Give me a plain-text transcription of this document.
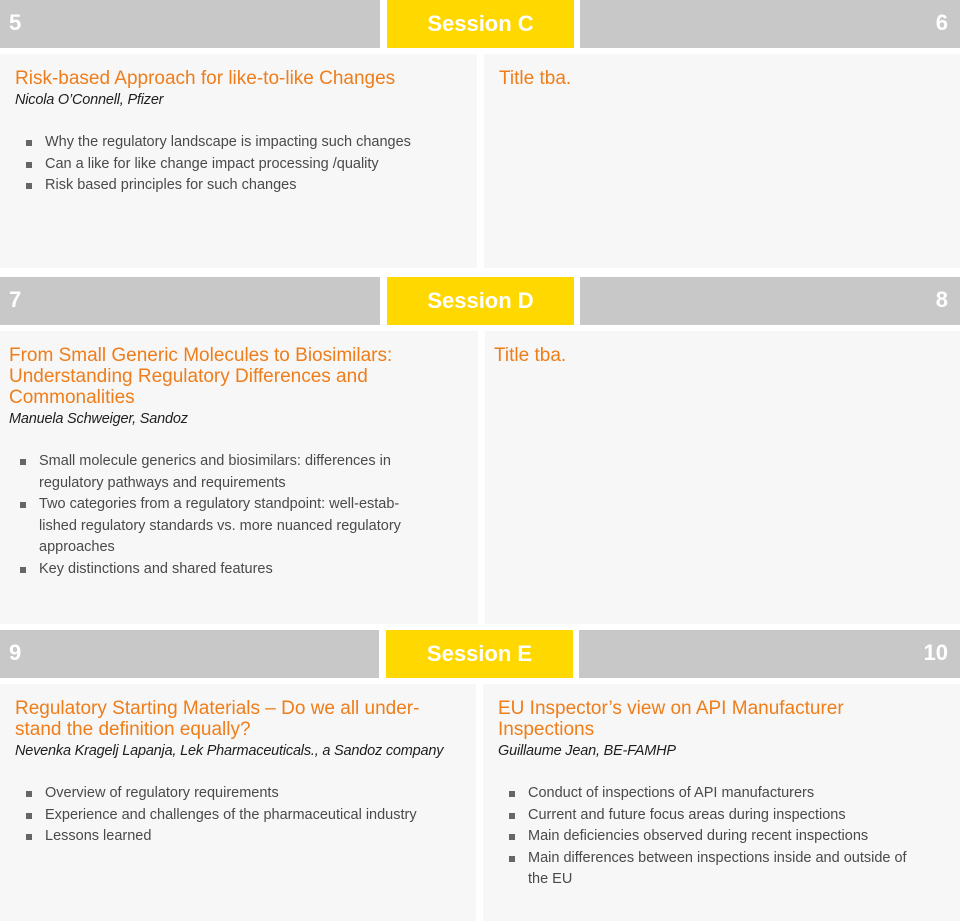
5	Session C	6
Risk-based Approach for like-to-like Changes
Nicola O’Connell, Pfizer
Why the regulatory landscape is impacting such changes
Can a like for like change impact processing /quality
Risk based principles for such changes
Title tba.
7	Session D	8
From Small Generic Molecules to Biosimilars:
Understanding Regulatory Differences and
Commonalities
Manuela Schweiger, Sandoz
Small molecule generics and biosimilars: differences in
regulatory pathways and requirements
Two categories from a regulatory standpoint: well-estab-
lished regulatory standards vs. more nuanced regulatory
approaches
Key distinctions and shared features
Title tba.
9	Session E	10
Regulatory Starting Materials – Do we all under-
stand the definition equally?
Nevenka Kragelj Lapanja, Lek Pharmaceuticals., a Sandoz company
Overview of regulatory requirements
Experience and challenges of the pharmaceutical industry
Lessons learned
EU Inspector’s view on API Manufacturer
Inspections
Guillaume Jean, BE-FAMHP
Conduct of inspections of API manufacturers
Current and future focus areas during inspections
Main deficiencies observed during recent inspections
Main differences between inspections inside and outside of
the EU
